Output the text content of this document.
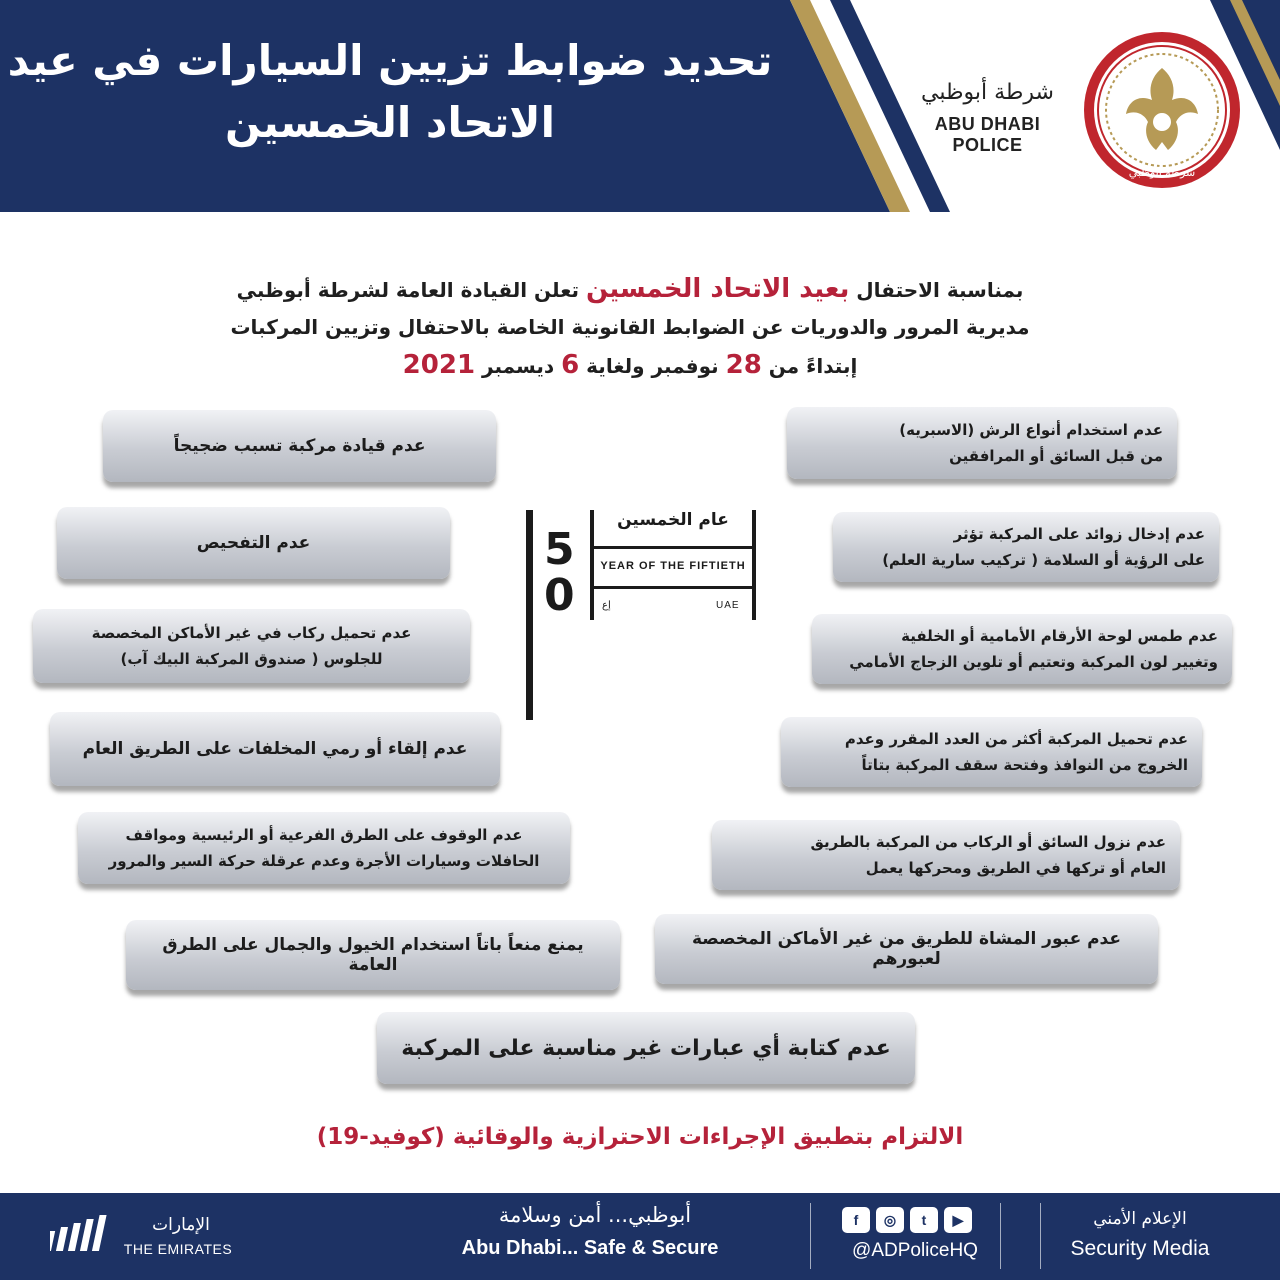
تحديد ضوابط تزيين السيارات في عيد
الاتحاد الخمسين
شرطة أبوظبي
ABU DHABI POLICE
شرطة أبوظبي
بمناسبة الاحتفال بعيد الاتحاد الخمسين تعلن القيادة العامة لشرطة أبوظبي
مديرية المرور والدوريات عن الضوابط القانونية الخاصة بالاحتفال وتزيين المركبات
إبتداءً من 28 نوفمبر ولغاية 6 ديسمبر 2021
عدم استخدام أنواع الرش (الاسبريه)
من قبل السائق أو المرافقين
عدم إدخال زوائد على المركبة تؤثر
على الرؤية أو السلامة ( تركيب سارية العلم)
عدم طمس لوحة الأرقام الأمامية أو الخلفية
وتغيير لون المركبة وتعتيم أو تلوين الزجاج الأمامي
عدم تحميل المركبة أكثر من العدد المقرر وعدم
الخروج من النوافذ وفتحة سقف المركبة بتاتاً
عدم نزول السائق أو الركاب من المركبة بالطريق
العام أو تركها في الطريق ومحركها يعمل
عدم عبور المشاة للطريق من غير الأماكن المخصصة لعبورهم
عدم قيادة مركبة تسبب ضجيجاً
عدم التفحيص
عدم تحميل ركاب في غير الأماكن المخصصة
للجلوس ( صندوق المركبة البيك آب)
عدم إلقاء أو رمي المخلفات على الطريق العام
عدم الوقوف على الطرق الفرعية أو الرئيسية ومواقف
الحافلات وسيارات الأجرة وعدم عرقلة حركة السير والمرور
يمنع منعاً باتاً استخدام الخيول والجمال على الطرق العامة
عدم كتابة أي عبارات غير مناسبة على المركبة
5
0
عام الخمسين
YEAR OF THE FIFTIETH
إع	UAE
الالتزام بتطبيق الإجراءات الاحترازية والوقائية (كوفيد-19)
الإعلام الأمني
Security Media
f	◎	t	▶
@ADPoliceHQ
أبوظبي... أمن وسلامة
Abu Dhabi... Safe & Secure
الإمارات
THE EMIRATES
